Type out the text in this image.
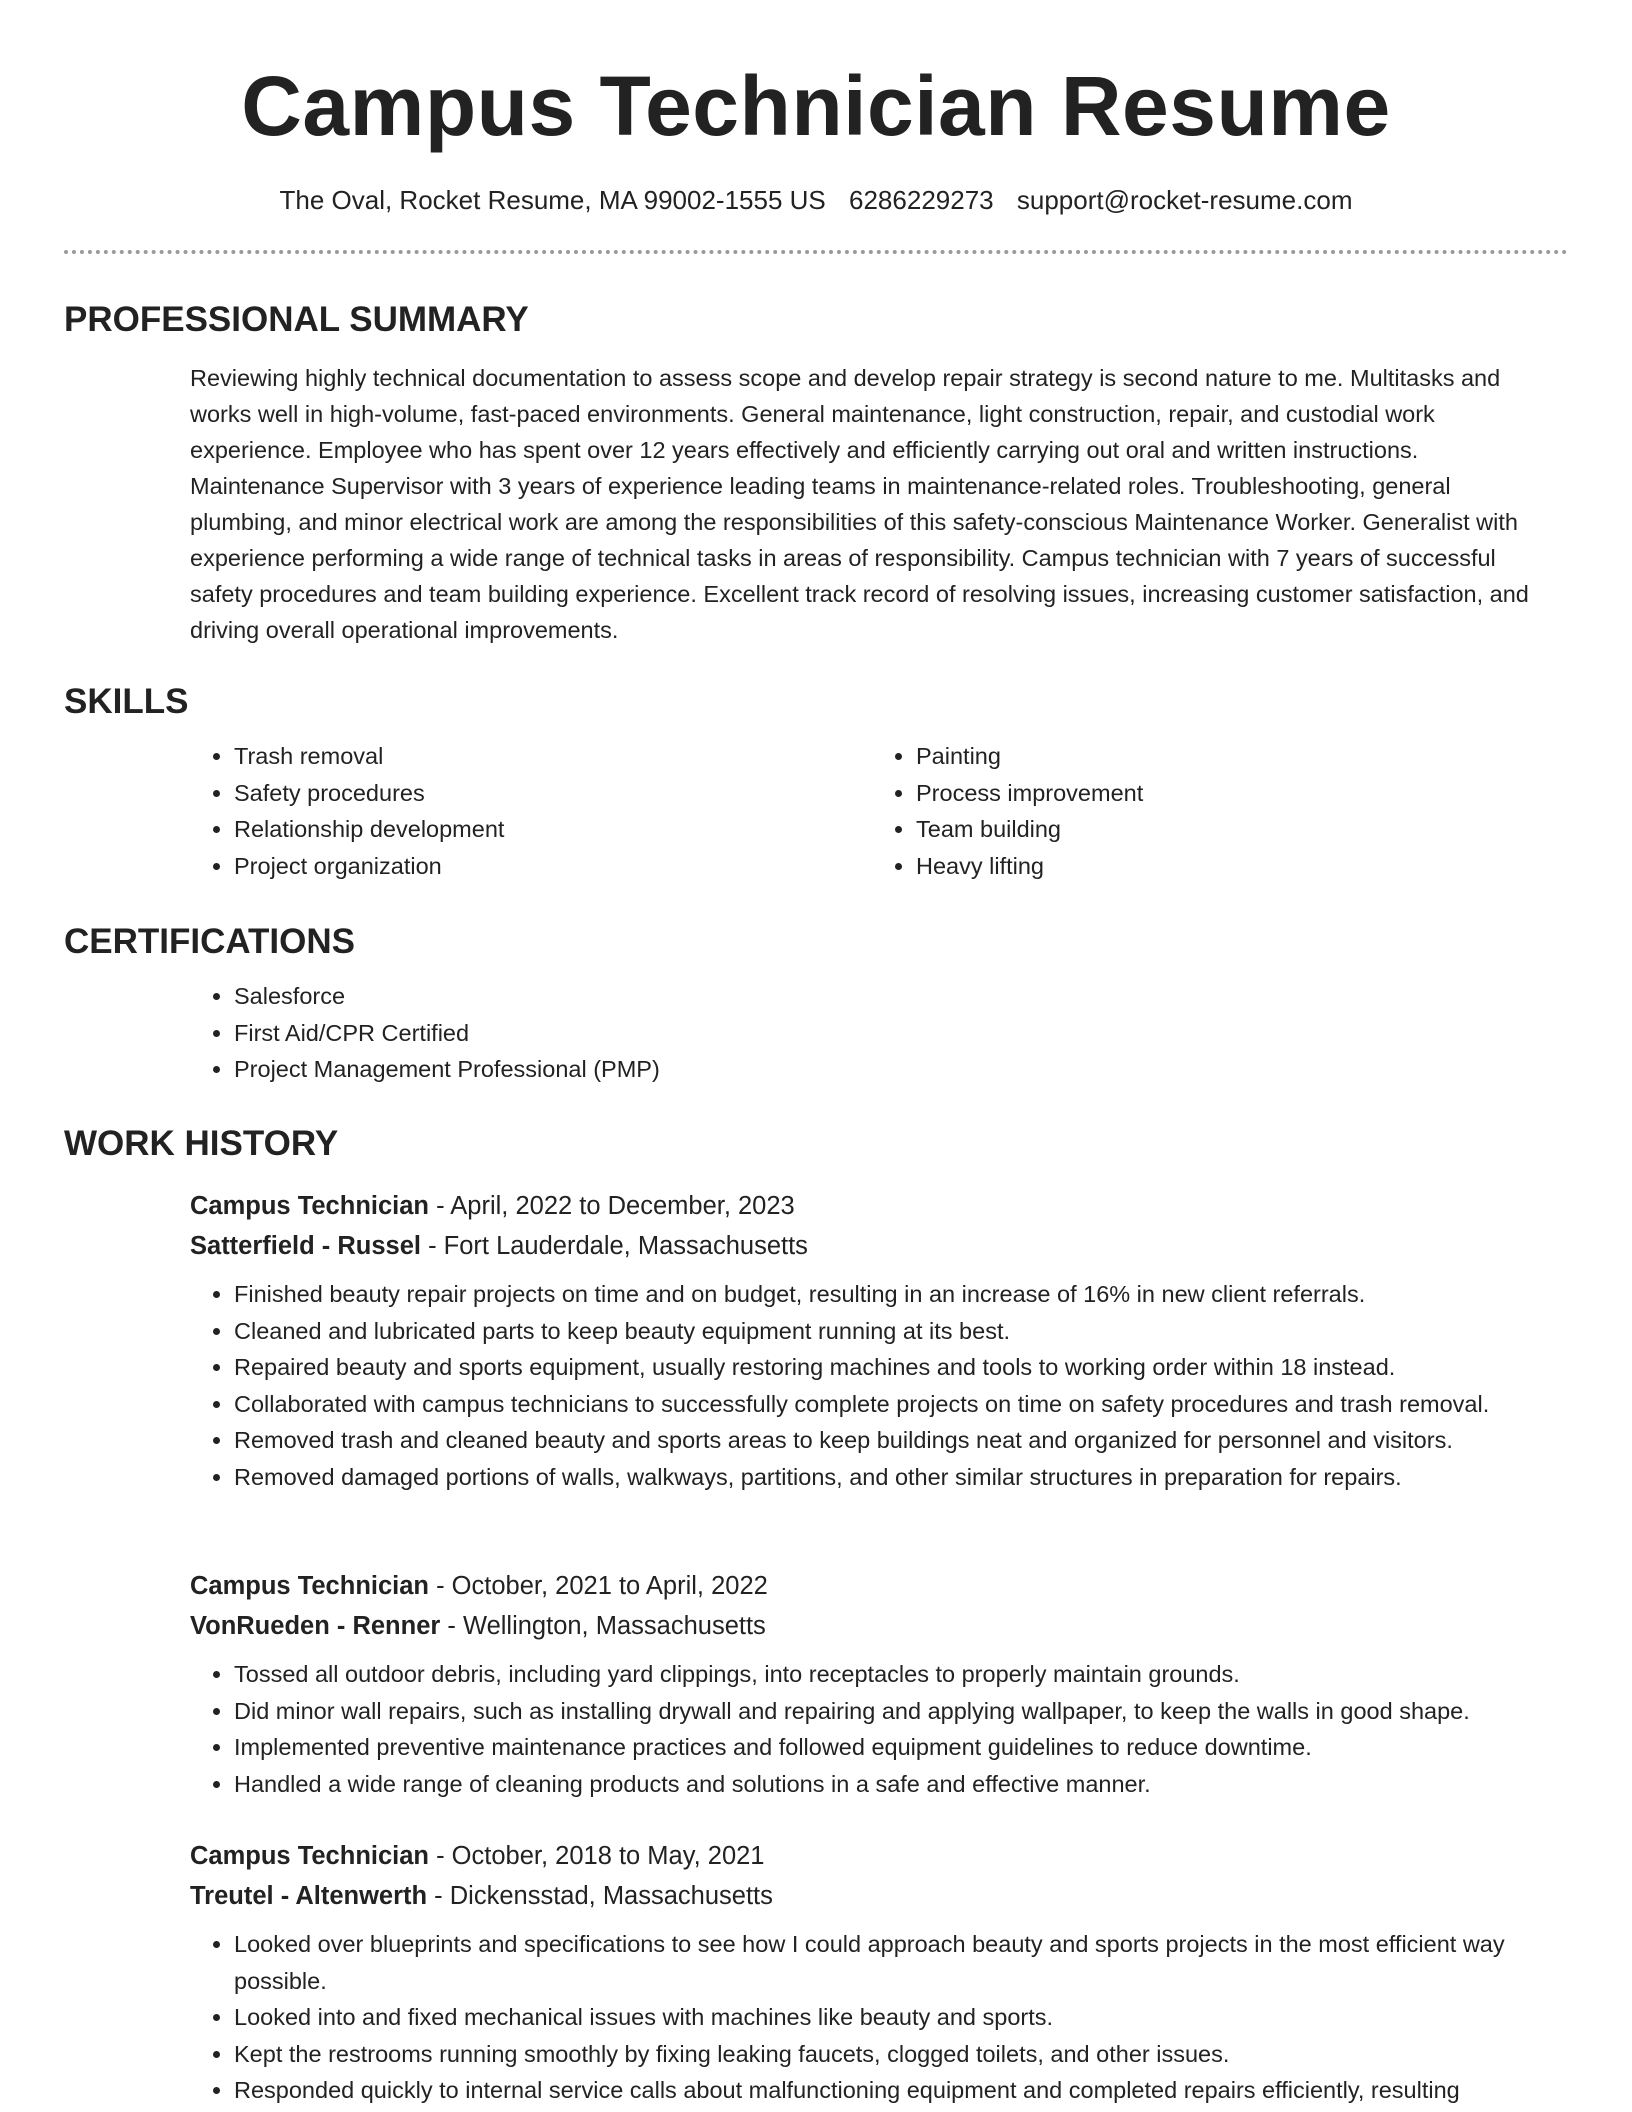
Campus Technician Resume
The Oval, Rocket Resume, MA 99002-1555 US 6286229273 support@rocket-resume.com
PROFESSIONAL SUMMARY

Reviewing highly technical documentation to assess scope and develop repair strategy is second nature to me. Multitasks and works well in high-volume, fast-paced environments. General maintenance, light construction, repair, and custodial work experience. Employee who has spent over 12 years effectively and efficiently carrying out oral and written instructions. Maintenance Supervisor with 3 years of experience leading teams in maintenance-related roles. Troubleshooting, general plumbing, and minor electrical work are among the responsibilities of this safety-conscious Maintenance Worker. Generalist with experience performing a wide range of technical tasks in areas of responsibility. Campus technician with 7 years of successful safety procedures and team building experience. Excellent track record of resolving issues, increasing customer satisfaction, and driving overall operational improvements.

SKILLS
• Trash removal
• Safety procedures
• Relationship development
• Project organization
• Painting
• Process improvement
• Team building
• Heavy lifting
CERTIFICATIONS
• Salesforce
• First Aid/CPR Certified
• Project Management Professional (PMP)
WORK HISTORY
Campus Technician - April, 2022 to December, 2023
Satterfield - Russel - Fort Lauderdale, Massachusetts
• Finished beauty repair projects on time and on budget, resulting in an increase of 16% in new client referrals.
• Cleaned and lubricated parts to keep beauty equipment running at its best.
• Repaired beauty and sports equipment, usually restoring machines and tools to working order within 18 instead.
• Collaborated with campus technicians to successfully complete projects on time on safety procedures and trash removal.
• Removed trash and cleaned beauty and sports areas to keep buildings neat and organized for personnel and visitors.
• Removed damaged portions of walls, walkways, partitions, and other similar structures in preparation for repairs.
Campus Technician - October, 2021 to April, 2022
VonRueden - Renner - Wellington, Massachusetts
• Tossed all outdoor debris, including yard clippings, into receptacles to properly maintain grounds.
• Did minor wall repairs, such as installing drywall and repairing and applying wallpaper, to keep the walls in good shape.
• Implemented preventive maintenance practices and followed equipment guidelines to reduce downtime.
• Handled a wide range of cleaning products and solutions in a safe and effective manner.
Campus Technician - October, 2018 to May, 2021
Treutel - Altenwerth - Dickensstad, Massachusetts
• Looked over blueprints and specifications to see how I could approach beauty and sports projects in the most efficient way possible.
• Looked into and fixed mechanical issues with machines like beauty and sports.
• Kept the restrooms running smoothly by fixing leaking faucets, clogged toilets, and other issues.
• Responded quickly to internal service calls about malfunctioning equipment and completed repairs efficiently, resulting
